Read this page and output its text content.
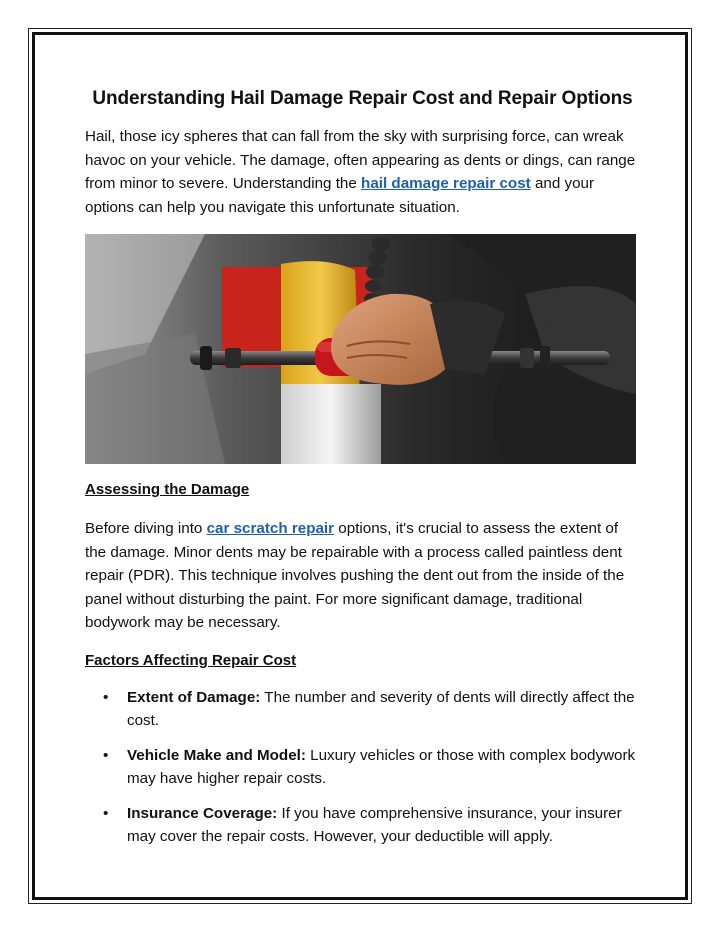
Understanding Hail Damage Repair Cost and Repair Options

Hail, those icy spheres that can fall from the sky with surprising force, can wreak havoc on your vehicle. The damage, often appearing as dents or dings, can range from minor to severe. Understanding the hail damage repair cost and your options can help you navigate this unfortunate situation.

Assessing the Damage

Before diving into car scratch repair options, it's crucial to assess the extent of the damage. Minor dents may be repairable with a process called paintless dent repair (PDR). This technique involves pushing the dent out from the inside of the panel without disturbing the paint. For more significant damage, traditional bodywork may be necessary.

Factors Affecting Repair Cost
• Extent of Damage: The number and severity of dents will directly affect the cost.
• Vehicle Make and Model: Luxury vehicles or those with complex bodywork may have higher repair costs.
• Insurance Coverage: If you have comprehensive insurance, your insurer may cover the repair costs. However, your deductible will apply.
